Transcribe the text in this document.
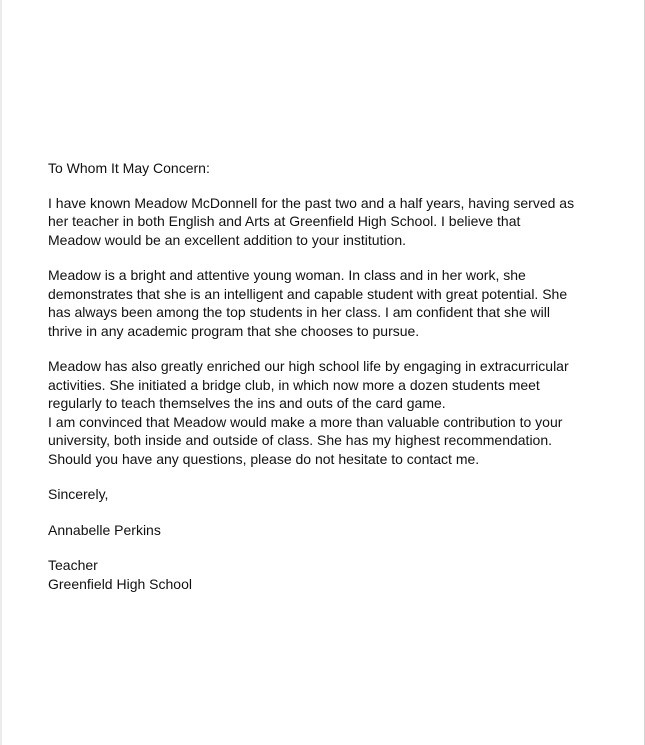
To Whom It May Concern:

I have known Meadow McDonnell for the past two and a half years, having served as
her teacher in both English and Arts at Greenfield High School. I believe that
Meadow would be an excellent addition to your institution.

Meadow is a bright and attentive young woman. In class and in her work, she
demonstrates that she is an intelligent and capable student with great potential. She
has always been among the top students in her class. I am confident that she will
thrive in any academic program that she chooses to pursue.

Meadow has also greatly enriched our high school life by engaging in extracurricular
activities. She initiated a bridge club, in which now more a dozen students meet
regularly to teach themselves the ins and outs of the card game.

I am convinced that Meadow would make a more than valuable contribution to your
university, both inside and outside of class. She has my highest recommendation.
Should you have any questions, please do not hesitate to contact me.

Sincerely,

Annabelle Perkins

Teacher

Greenfield High School
